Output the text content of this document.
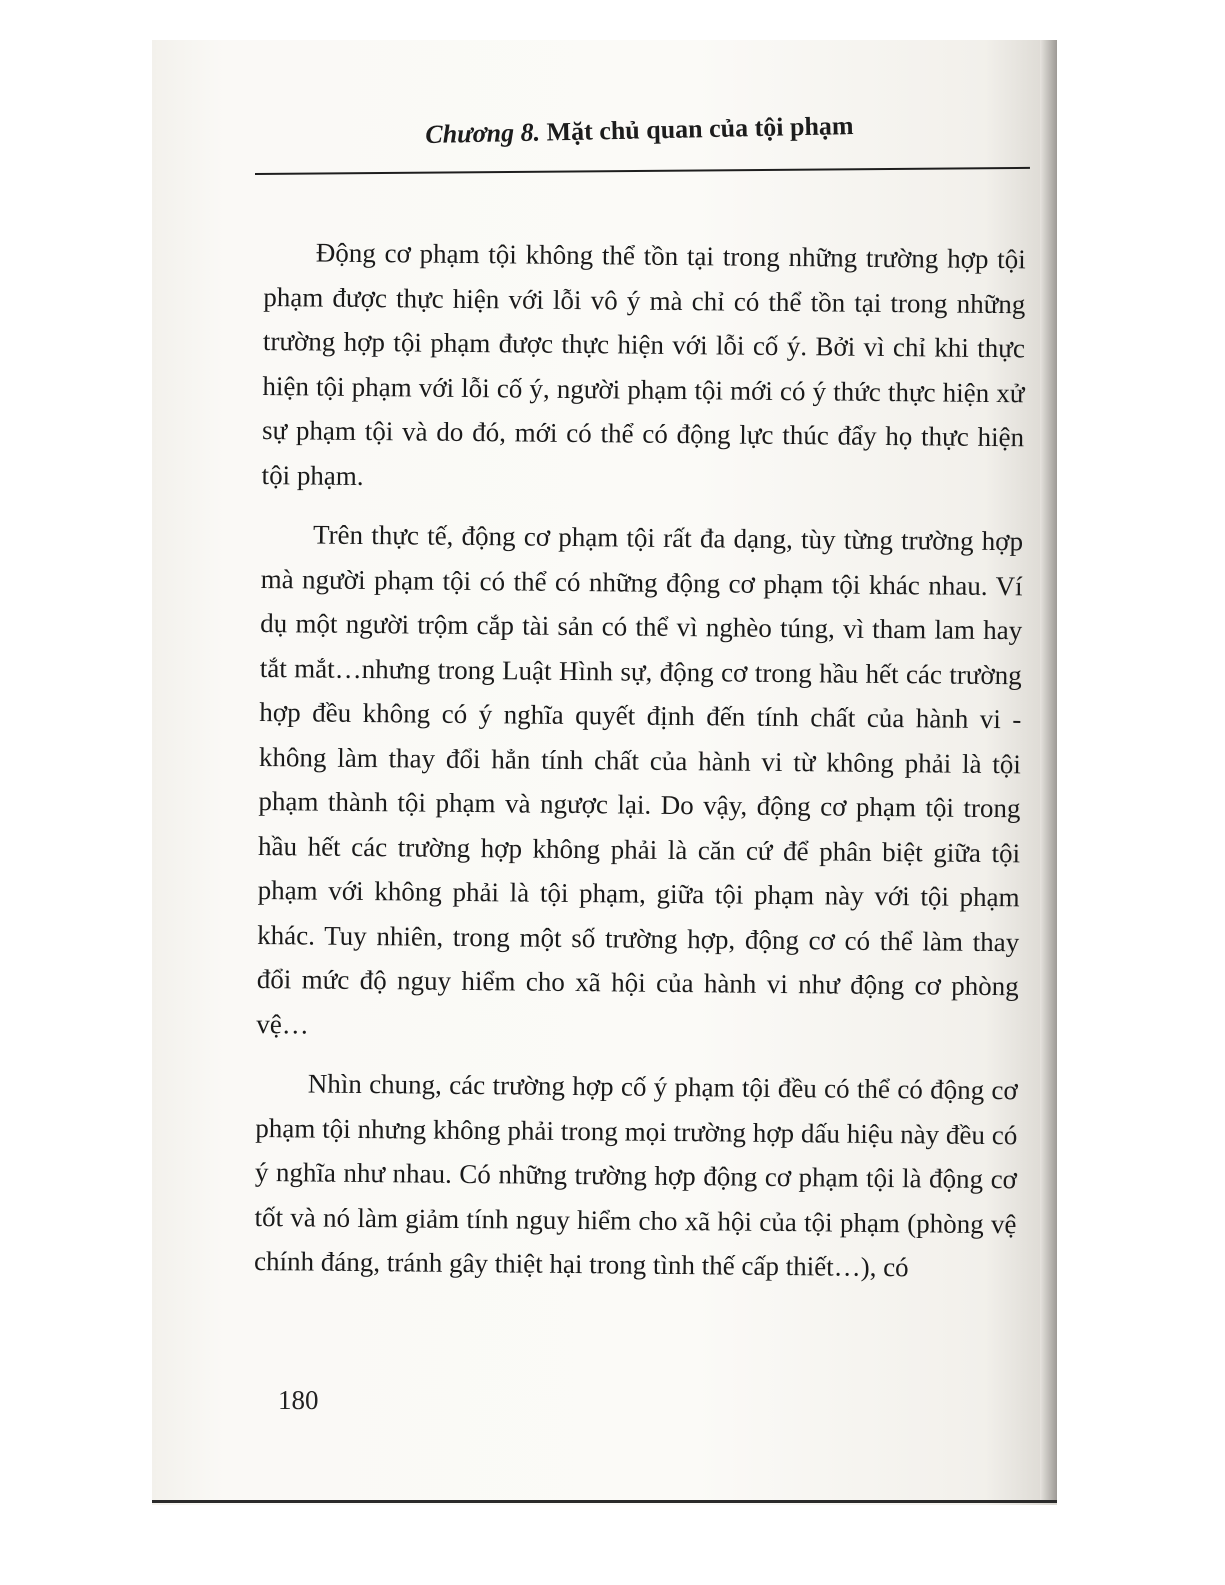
Chương 8. Mặt chủ quan của tội phạm

Động cơ phạm tội không thể tồn tại trong những trường hợp tội phạm được thực hiện với lỗi vô ý mà chỉ có thể tồn tại trong những trường hợp tội phạm được thực hiện với lỗi cố ý. Bởi vì chỉ khi thực hiện tội phạm với lỗi cố ý, người phạm tội mới có ý thức thực hiện xử sự phạm tội và do đó, mới có thể có động lực thúc đẩy họ thực hiện tội phạm.

Trên thực tế, động cơ phạm tội rất đa dạng, tùy từng trường hợp mà người phạm tội có thể có những động cơ phạm tội khác nhau. Ví dụ một người trộm cắp tài sản có thể vì nghèo túng, vì tham lam hay tắt mắt…nhưng trong Luật Hình sự, động cơ trong hầu hết các trường hợp đều không có ý nghĩa quyết định đến tính chất của hành vi - không làm thay đổi hẳn tính chất của hành vi từ không phải là tội phạm thành tội phạm và ngược lại. Do vậy, động cơ phạm tội trong hầu hết các trường hợp không phải là căn cứ để phân biệt giữa tội phạm với không phải là tội phạm, giữa tội phạm này với tội phạm khác. Tuy nhiên, trong một số trường hợp, động cơ có thể làm thay đổi mức độ nguy hiểm cho xã hội của hành vi như động cơ phòng vệ…

Nhìn chung, các trường hợp cố ý phạm tội đều có thể có động cơ phạm tội nhưng không phải trong mọi trường hợp dấu hiệu này đều có ý nghĩa như nhau. Có những trường hợp động cơ phạm tội là động cơ tốt và nó làm giảm tính nguy hiểm cho xã hội của tội phạm (phòng vệ chính đáng, tránh gây thiệt hại trong tình thế cấp thiết…), có

180
